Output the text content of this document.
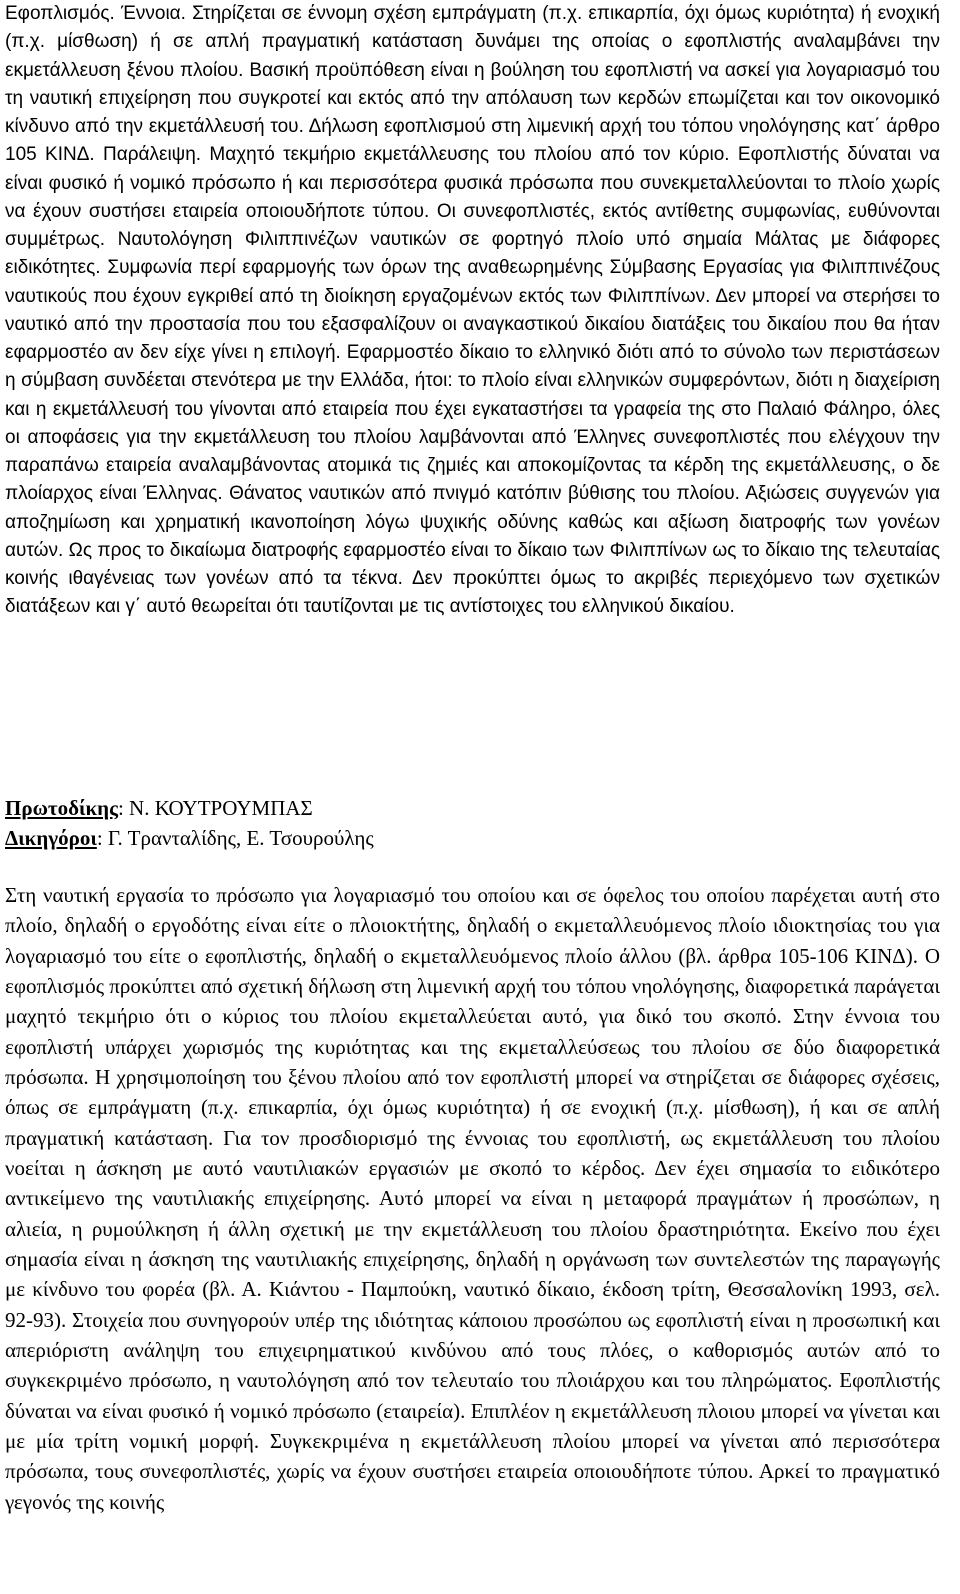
Εφοπλισμός. Έννοια. Στηρίζεται σε έννομη σχέση εμπράγματη (π.χ. επικαρπία, όχι όμως κυριότητα) ή ενοχική (π.χ. μίσθωση) ή σε απλή πραγματική κατάσταση δυνάμει της οποίας ο εφοπλιστής αναλαμβάνει την εκμετάλλευση ξένου πλοίου. Βασική προϋπόθεση είναι η βούληση του εφοπλιστή να ασκεί για λογαριασμό του τη ναυτική επιχείρηση που συγκροτεί και εκτός από την απόλαυση των κερδών επωμίζεται και τον οικονομικό κίνδυνο από την εκμετάλλευσή του. Δήλωση εφοπλισμού στη λιμενική αρχή του τόπου νηολόγησης κατ΄ άρθρο 105 ΚΙΝΔ. Παράλειψη. Μαχητό τεκμήριο εκμετάλλευσης του πλοίου από τον κύριο. Εφοπλιστής δύναται να είναι φυσικό ή νομικό πρόσωπο ή και περισσότερα φυσικά πρόσωπα που συνεκμεταλλεύονται το πλοίο χωρίς να έχουν συστήσει εταιρεία οποιουδήποτε τύπου. Οι συνεφοπλιστές, εκτός αντίθετης συμφωνίας, ευθύνονται συμμέτρως. Ναυτολόγηση Φιλιππινέζων ναυτικών σε φορτηγό πλοίο υπό σημαία Μάλτας με διάφορες ειδικότητες. Συμφωνία περί εφαρμογής των όρων της αναθεωρημένης Σύμβασης Εργασίας για Φιλιππινέζους ναυτικούς που έχουν εγκριθεί από τη διοίκηση εργαζομένων εκτός των Φιλιππίνων. Δεν μπορεί να στερήσει το ναυτικό από την προστασία που του εξασφαλίζουν οι αναγκαστικού δικαίου διατάξεις του δικαίου που θα ήταν εφαρμοστέο αν δεν είχε γίνει η επιλογή. Εφαρμοστέο δίκαιο το ελληνικό διότι από το σύνολο των περιστάσεων η σύμβαση συνδέεται στενότερα με την Ελλάδα, ήτοι: το πλοίο είναι ελληνικών συμφερόντων, διότι η διαχείριση και η εκμετάλλευσή του γίνονται από εταιρεία που έχει εγκαταστήσει τα γραφεία της στο Παλαιό Φάληρο, όλες οι αποφάσεις για την εκμετάλλευση του πλοίου λαμβάνονται από Έλληνες συνεφοπλιστές που ελέγχουν την παραπάνω εταιρεία αναλαμβάνοντας ατομικά τις ζημιές και αποκομίζοντας τα κέρδη της εκμετάλλευσης, ο δε πλοίαρχος είναι Έλληνας. Θάνατος ναυτικών από πνιγμό κατόπιν βύθισης του πλοίου. Αξιώσεις συγγενών για αποζημίωση και χρηματική ικανοποίηση λόγω ψυχικής οδύνης καθώς και αξίωση διατροφής των γονέων αυτών. Ως προς το δικαίωμα διατροφής εφαρμοστέο είναι το δίκαιο των Φιλιππίνων ως το δίκαιο της τελευταίας κοινής ιθαγένειας των γονέων από τα τέκνα. Δεν προκύπτει όμως το ακριβές περιεχόμενο των σχετικών διατάξεων και γ΄ αυτό θεωρείται ότι ταυτίζονται με τις αντίστοιχες του ελληνικού δικαίου.

Πρωτοδίκης: Ν. ΚΟΥΤΡΟΥΜΠΑΣ
Δικηγόροι: Γ. Τρανταλίδης, Ε. Τσουρούλης

Στη ναυτική εργασία το πρόσωπο για λογαριασμό του οποίου και σε όφελος του οποίου παρέχεται αυτή στο πλοίο, δηλαδή ο εργοδότης είναι είτε ο πλοιοκτήτης, δηλαδή ο εκμεταλλευόμενος πλοίο ιδιοκτησίας του για λογαριασμό του είτε ο εφοπλιστής, δηλαδή ο εκμεταλλευόμενος πλοίο άλλου (βλ. άρθρα 105-106 ΚΙΝΔ). Ο εφοπλισμός προκύπτει από σχετική δήλωση στη λιμενική αρχή του τόπου νηολόγησης, διαφορετικά παράγεται μαχητό τεκμήριο ότι ο κύριος του πλοίου εκμεταλλεύεται αυτό, για δικό του σκοπό. Στην έννοια του εφοπλιστή υπάρχει χωρισμός της κυριότητας και της εκμεταλλεύσεως του πλοίου σε δύο διαφορετικά πρόσωπα. Η χρησιμοποίηση του ξένου πλοίου από τον εφοπλιστή μπορεί να στηρίζεται σε διάφορες σχέσεις, όπως σε εμπράγματη (π.χ. επικαρπία, όχι όμως κυριότητα) ή σε ενοχική (π.χ. μίσθωση), ή και σε απλή πραγματική κατάσταση. Για τον προσδιορισμό της έννοιας του εφοπλιστή, ως εκμετάλλευση του πλοίου νοείται η άσκηση με αυτό ναυτιλιακών εργασιών με σκοπό το κέρδος. Δεν έχει σημασία το ειδικότερο αντικείμενο της ναυτιλιακής επιχείρησης. Αυτό μπορεί να είναι η μεταφορά πραγμάτων ή προσώπων, η αλιεία, η ρυμούλκηση ή άλλη σχετική με την εκμετάλλευση του πλοίου δραστηριότητα. Εκείνο που έχει σημασία είναι η άσκηση της ναυτιλιακής επιχείρησης, δηλαδή η οργάνωση των συντελεστών της παραγωγής με κίνδυνο του φορέα (βλ. Α. Κιάντου - Παμπούκη, ναυτικό δίκαιο, έκδοση τρίτη, Θεσσαλονίκη 1993, σελ. 92-93). Στοιχεία που συνηγορούν υπέρ της ιδιότητας κάποιου προσώπου ως εφοπλιστή είναι η προσωπική και απεριόριστη ανάληψη του επιχειρηματικού κινδύνου από τους πλόες, ο καθορισμός αυτών από το συγκεκριμένο πρόσωπο, η ναυτολόγηση από τον τελευταίο του πλοιάρχου και του πληρώματος. Εφοπλιστής δύναται να είναι φυσικό ή νομικό πρόσωπο (εταιρεία). Επιπλέον η εκμετάλλευση πλοιου μπορεί να γίνεται και με μία τρίτη νομική μορφή. Συγκεκριμένα η εκμετάλλευση πλοίου μπορεί να γίνεται από περισσότερα πρόσωπα, τους συνεφοπλιστές, χωρίς να έχουν συστήσει εταιρεία οποιουδήποτε τύπου. Αρκεί το πραγματικό γεγονός της κοινής
